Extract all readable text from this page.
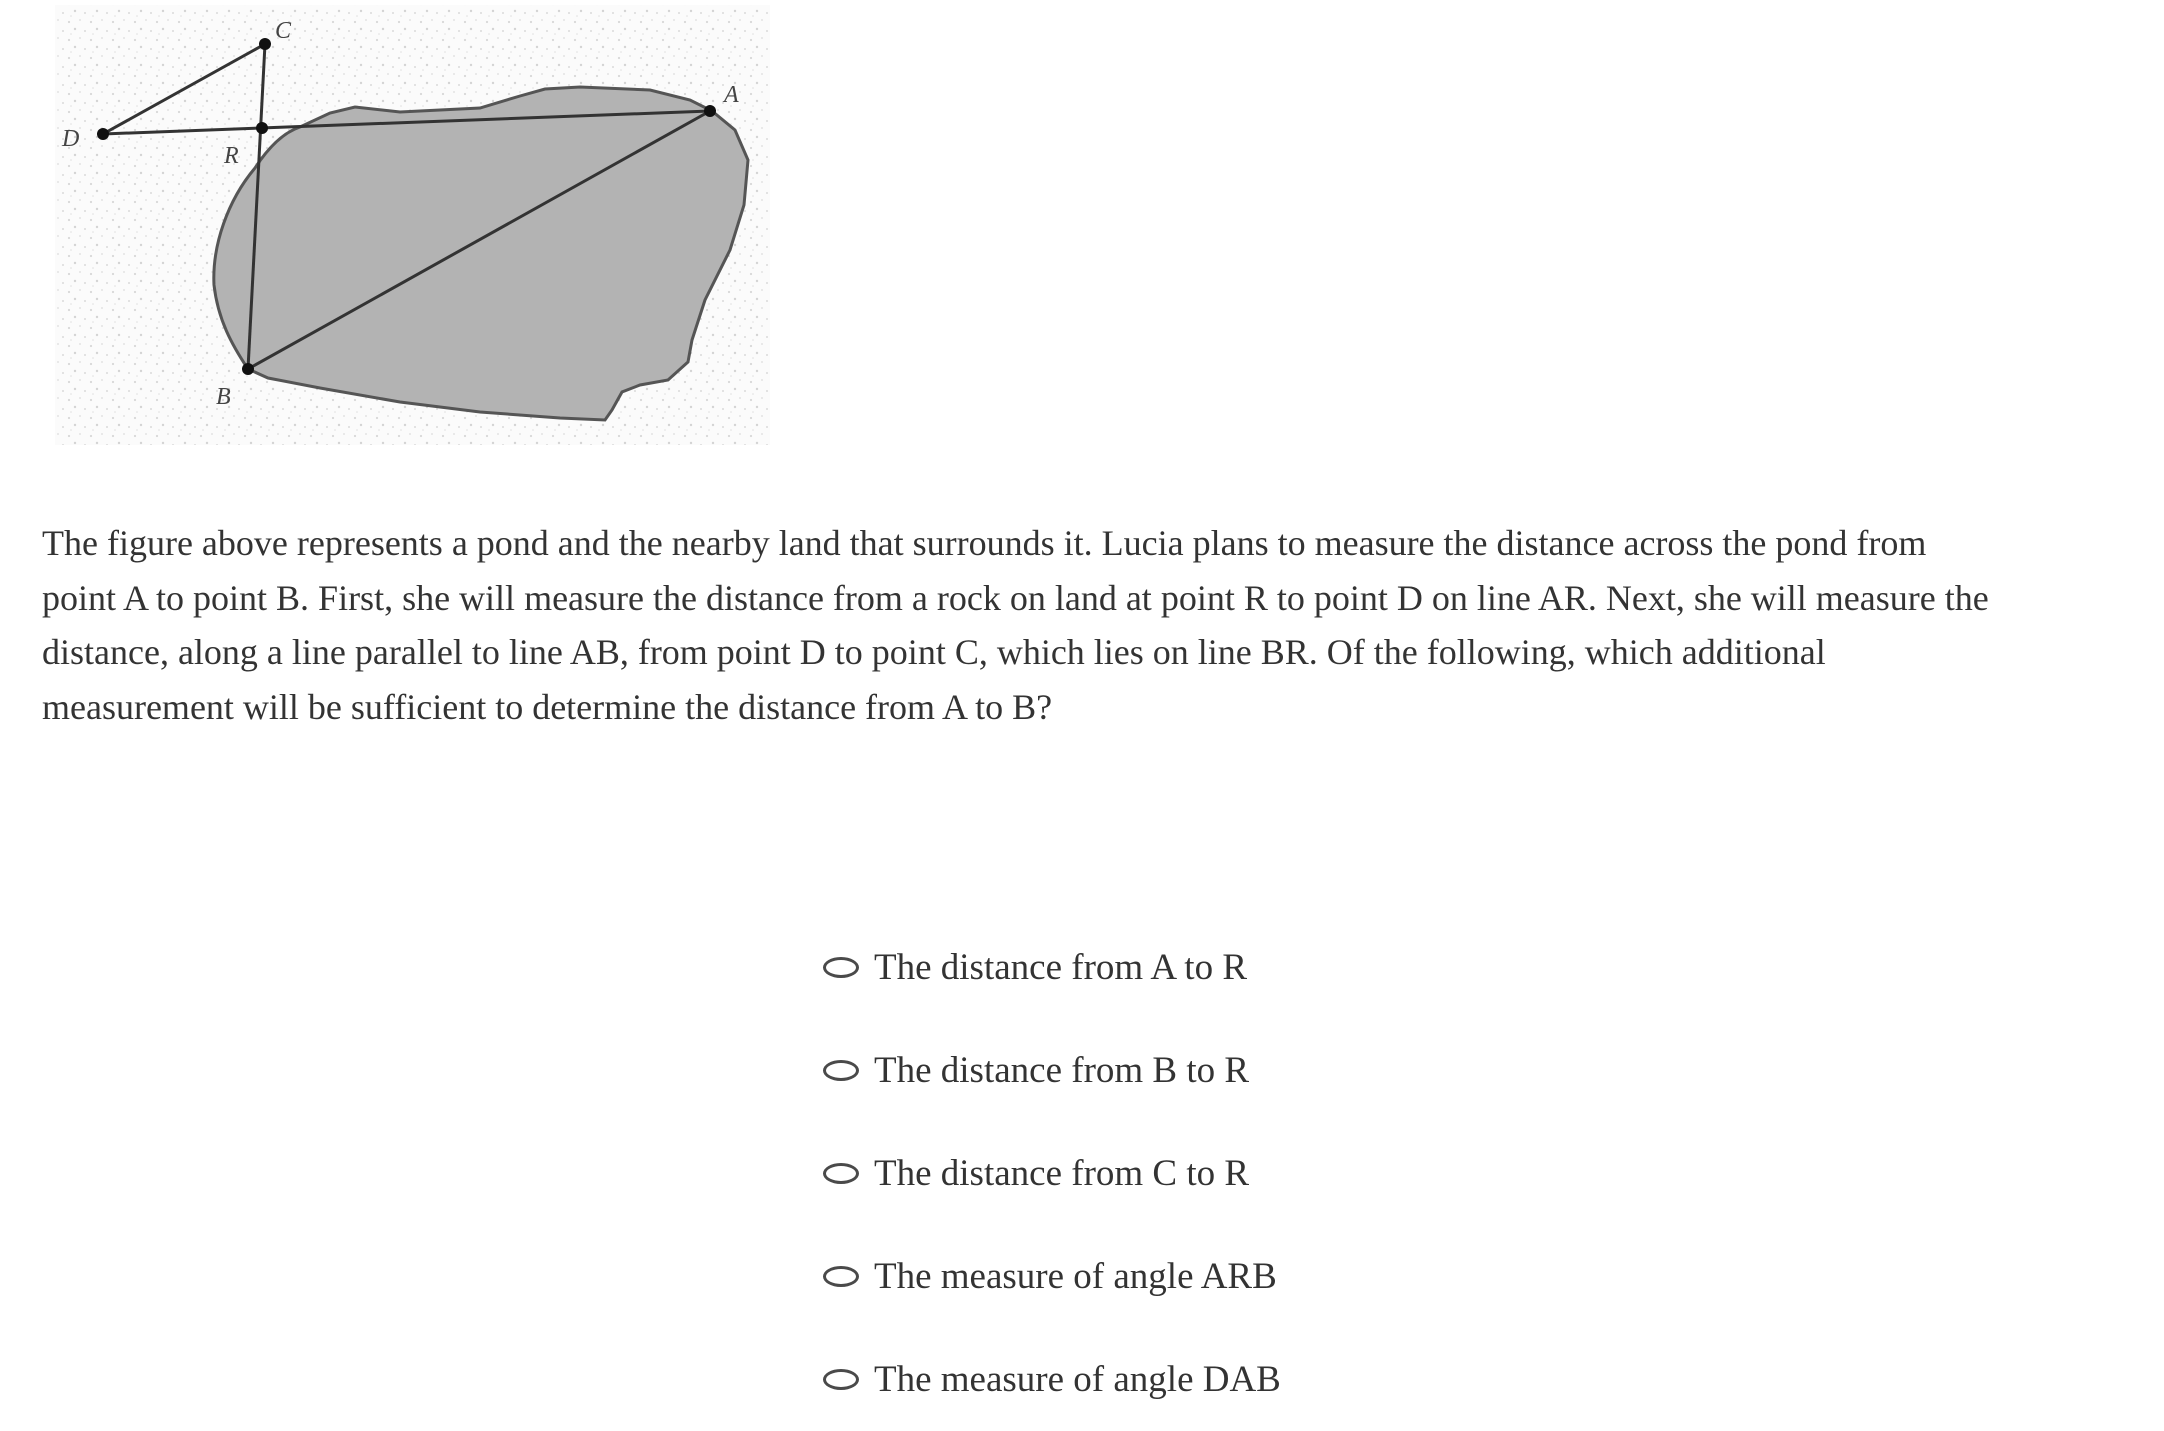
A
B
C
D
R
The figure above represents a pond and the nearby land that surrounds it. Lucia plans to measure the distance across the pond from
point A to point B. First, she will measure the distance from a rock on land at point R to point D on line AR. Next, she will measure the
distance, along a line parallel to line AB, from point D to point C, which lies on line BR. Of the following, which additional
measurement will be sufficient to determine the distance from A to B?
The distance from A to R
The distance from B to R
The distance from C to R
The measure of angle ARB
The measure of angle DAB
